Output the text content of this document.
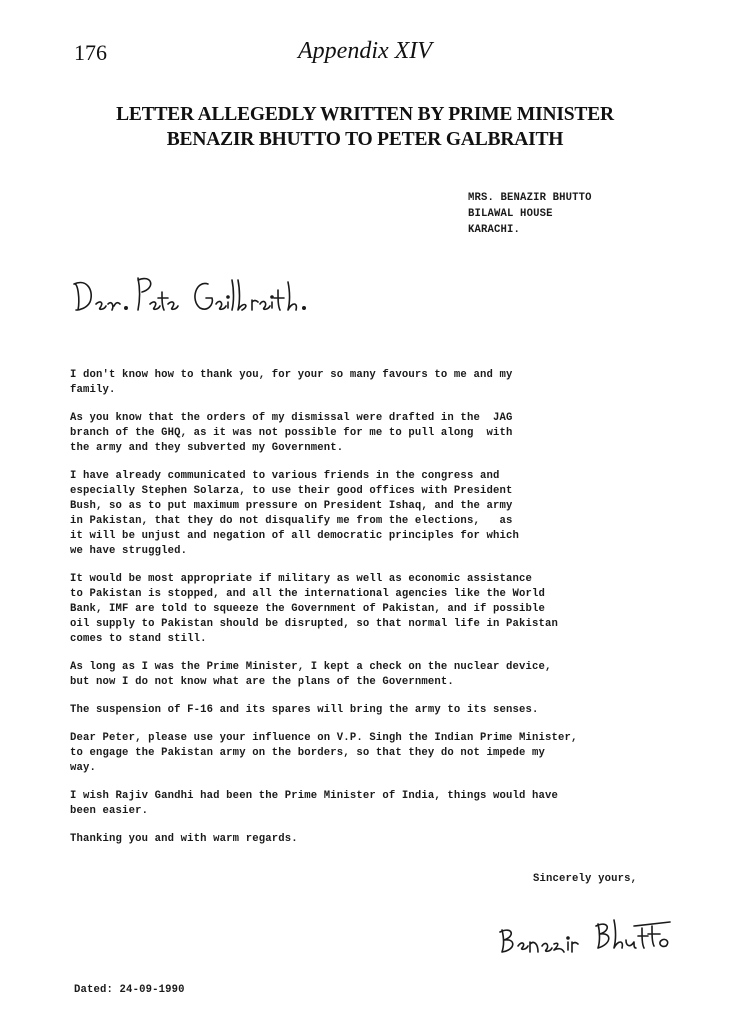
176	Appendix XIV
LETTER ALLEGEDLY WRITTEN BY PRIME MINISTER
BENAZIR BHUTTO TO PETER GALBRAITH
MRS. BENAZIR BHUTTO
BILAWAL HOUSE
KARACHI.
I don't know how to thank you, for your so many favours to me and my
family.
As you know that the orders of my dismissal were drafted in the  JAG
branch of the GHQ, as it was not possible for me to pull along  with
the army and they subverted my Government.
I have already communicated to various friends in the congress and
especially Stephen Solarza, to use their good offices with President
Bush, so as to put maximum pressure on President Ishaq, and the army
in Pakistan, that they do not disqualify me from the elections,   as
it will be unjust and negation of all democratic principles for which
we have struggled.
It would be most appropriate if military as well as economic assistance
to Pakistan is stopped, and all the international agencies like the World
Bank, IMF are told to squeeze the Government of Pakistan, and if possible
oil supply to Pakistan should be disrupted, so that normal life in Pakistan
comes to stand still.
As long as I was the Prime Minister, I kept a check on the nuclear device,
but now I do not know what are the plans of the Government.
The suspension of F-16 and its spares will bring the army to its senses.
Dear Peter, please use your influence on V.P. Singh the Indian Prime Minister,
to engage the Pakistan army on the borders, so that they do not impede my
way.
I wish Rajiv Gandhi had been the Prime Minister of India, things would have
been easier.
Thanking you and with warm regards.
Sincerely yours,
Dated: 24-09-1990
